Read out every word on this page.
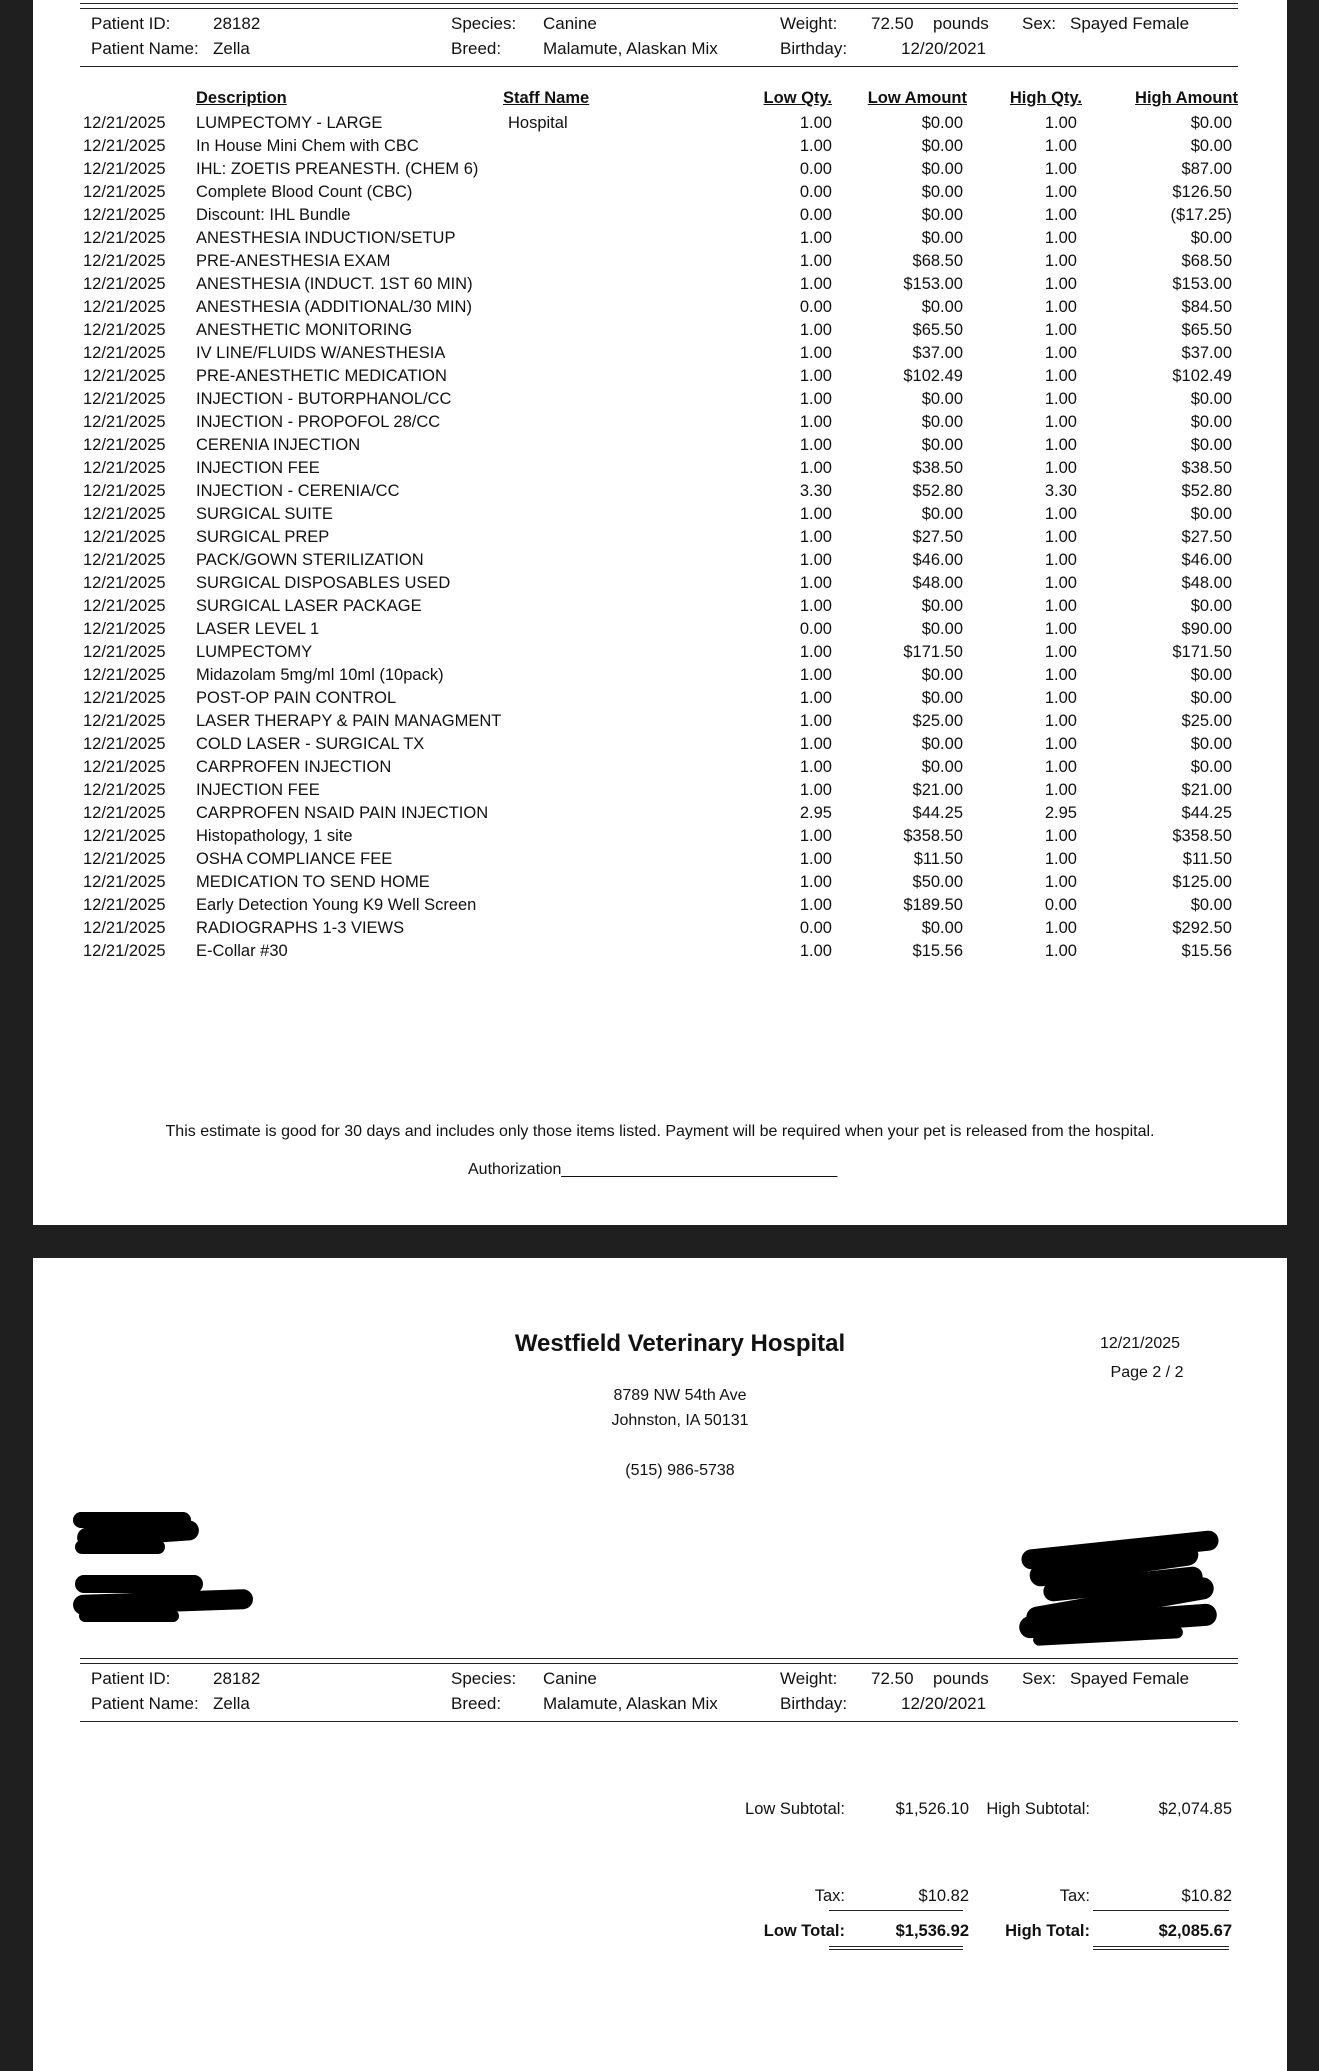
Patient ID:	28182
Patient Name: Zella
Species: Canine
Breed: Malamute, Alaskan Mix
Weight: 72.50 pounds
Birthday:	12/20/2021
Sex: Spayed Female
Description	Staff Name	Low Qty. Low Amount	High Qty.	High Amount
12/21/2025 LUMPECTOMY - LARGE	Hospital	1.00	$0.00	1.00	$0.00
12/21/2025 In House Mini Chem with CBC	1.00	$0.00	1.00	$0.00
12/21/2025 IHL: ZOETIS PREANESTH. (CHEM 6)	0.00	$0.00	1.00	$87.00
12/21/2025 Complete Blood Count (CBC)	0.00	$0.00	1.00	$126.50
12/21/2025 Discount: IHL Bundle	0.00	$0.00	1.00	($17.25)
12/21/2025 ANESTHESIA INDUCTION/SETUP	1.00	$0.00	1.00	$0.00
12/21/2025 PRE-ANESTHESIA EXAM	1.00	$68.50	1.00	$68.50
12/21/2025 ANESTHESIA (INDUCT. 1ST 60 MIN)	1.00	$153.00	1.00	$153.00
12/21/2025 ANESTHESIA (ADDITIONAL/30 MIN)	0.00	$0.00	1.00	$84.50
12/21/2025 ANESTHETIC MONITORING	1.00	$65.50	1.00	$65.50
12/21/2025 IV LINE/FLUIDS W/ANESTHESIA	1.00	$37.00	1.00	$37.00
12/21/2025 PRE-ANESTHETIC MEDICATION	1.00	$102.49	1.00	$102.49
12/21/2025 INJECTION - BUTORPHANOL/CC	1.00	$0.00	1.00	$0.00
12/21/2025 INJECTION - PROPOFOL 28/CC	1.00	$0.00	1.00	$0.00
12/21/2025 CERENIA INJECTION	1.00	$0.00	1.00	$0.00
12/21/2025 INJECTION FEE	1.00	$38.50	1.00	$38.50
12/21/2025 INJECTION - CERENIA/CC	3.30	$52.80	3.30	$52.80
12/21/2025 SURGICAL SUITE	1.00	$0.00	1.00	$0.00
12/21/2025 SURGICAL PREP	1.00	$27.50	1.00	$27.50
12/21/2025 PACK/GOWN STERILIZATION	1.00	$46.00	1.00	$46.00
12/21/2025 SURGICAL DISPOSABLES USED	1.00	$48.00	1.00	$48.00
12/21/2025 SURGICAL LASER PACKAGE	1.00	$0.00	1.00	$0.00
12/21/2025 LASER LEVEL 1	0.00	$0.00	1.00	$90.00
12/21/2025 LUMPECTOMY	1.00	$171.50	1.00	$171.50
12/21/2025 Midazolam 5mg/ml 10ml (10pack)	1.00	$0.00	1.00	$0.00
12/21/2025 POST-OP PAIN CONTROL	1.00	$0.00	1.00	$0.00
12/21/2025 LASER THERAPY & PAIN MANAGMENT	1.00	$25.00	1.00	$25.00
12/21/2025 COLD LASER - SURGICAL TX	1.00	$0.00	1.00	$0.00
12/21/2025 CARPROFEN INJECTION	1.00	$0.00	1.00	$0.00
12/21/2025 INJECTION FEE	1.00	$21.00	1.00	$21.00
12/21/2025 CARPROFEN NSAID PAIN INJECTION	2.95	$44.25	2.95	$44.25
12/21/2025 Histopathology, 1 site	1.00	$358.50	1.00	$358.50
12/21/2025 OSHA COMPLIANCE FEE	1.00	$11.50	1.00	$11.50
12/21/2025 MEDICATION TO SEND HOME	1.00	$50.00	1.00	$125.00
12/21/2025 Early Detection Young K9 Well Screen	1.00	$189.50	0.00	$0.00
12/21/2025 RADIOGRAPHS 1-3 VIEWS	0.00	$0.00	1.00	$292.50
12/21/2025 E-Collar #30	1.00	$15.56	1.00	$15.56
This estimate is good for 30 days and includes only those items listed. Payment will be required when your pet is released from the hospital.
Authorization_______________________________
Westfield Veterinary Hospital	12/21/2025
Page 2 / 2
8789 NW 54th Ave
Johnston, IA 50131
(515) 986-5738
Patient ID:	28182
Patient Name: Zella
Species: Canine
Breed: Malamute, Alaskan Mix
Weight: 72.50 pounds
Birthday:	12/20/2021
Sex: Spayed Female
Low Subtotal:	$1,526.10 High Subtotal:	$2,074.85
Tax:	$10.82	Tax:	$10.82
Low Total:	$1,536.92 High Total:	$2,085.67
